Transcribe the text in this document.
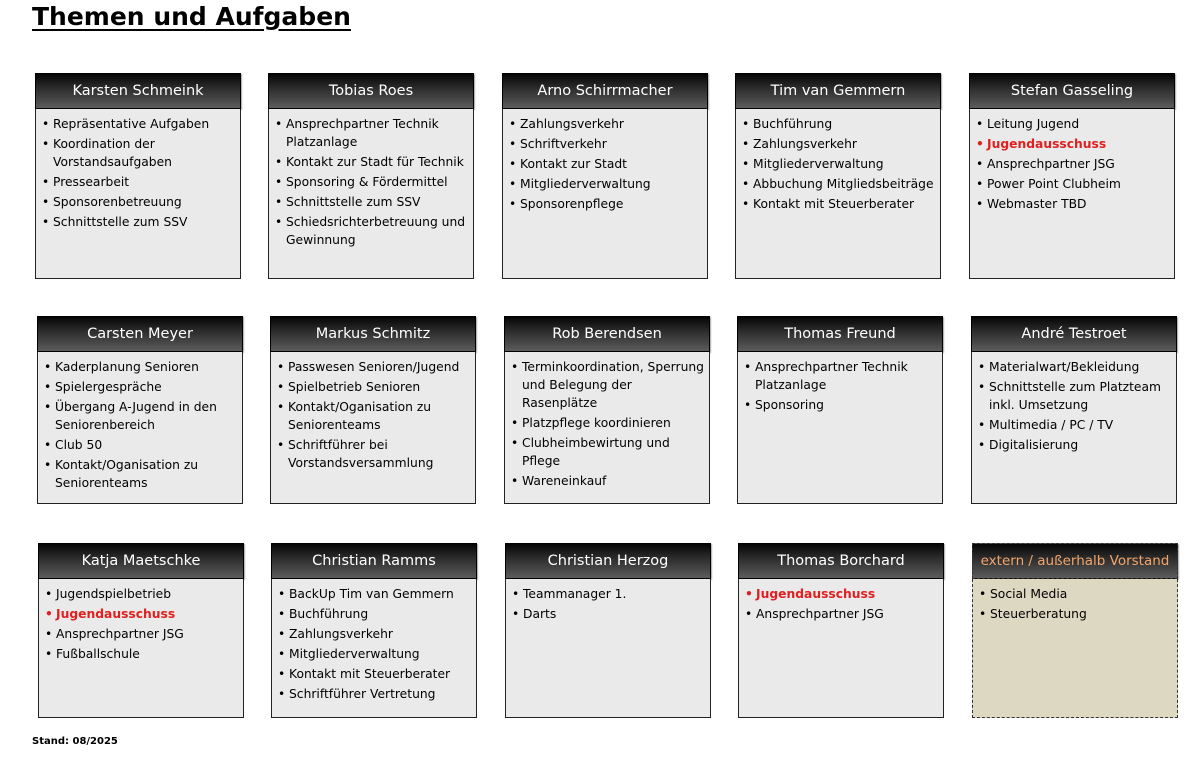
Themen und Aufgaben
Karsten Schmeink
• Repräsentative Aufgaben
• Koordination der Vorstandsaufgaben
• Pressearbeit
• Sponsorenbetreuung
• Schnittstelle zum SSV
Tobias Roes
• Ansprechpartner Technik Platzanlage
• Kontakt zur Stadt für Technik
• Sponsoring & Fördermittel
• Schnittstelle zum SSV
• Schiedsrichterbetreuung und Gewinnung
Arno Schirrmacher
• Zahlungsverkehr
• Schriftverkehr
• Kontakt zur Stadt
• Mitgliederverwaltung
• Sponsorenpflege
Tim van Gemmern
• Buchführung
• Zahlungsverkehr
• Mitgliederverwaltung
• Abbuchung Mitgliedsbeiträge
• Kontakt mit Steuerberater
Stefan Gasseling
• Leitung Jugend
• Jugendausschuss
• Ansprechpartner JSG
• Power Point Clubheim
• Webmaster TBD
Carsten Meyer
• Kaderplanung Senioren
• Spielergespräche
• Übergang A-Jugend in den Seniorenbereich
• Club 50
• Kontakt/Oganisation zu Seniorenteams
Markus Schmitz
• Passwesen Senioren/Jugend
• Spielbetrieb Senioren
• Kontakt/Oganisation zu Seniorenteams
• Schriftführer bei Vorstandsversammlung
Rob Berendsen
• Terminkoordination, Sperrung und Belegung der Rasenplätze
• Platzpflege koordinieren
• Clubheimbewirtung und Pflege
• Wareneinkauf
Thomas Freund
• Ansprechpartner Technik Platzanlage
• Sponsoring
André Testroet
• Materialwart/Bekleidung
• Schnittstelle zum Platzteam inkl. Umsetzung
• Multimedia / PC / TV
• Digitalisierung
Katja Maetschke
• Jugendspielbetrieb
• Jugendausschuss
• Ansprechpartner JSG
• Fußballschule
Christian Ramms
• BackUp Tim van Gemmern
• Buchführung
• Zahlungsverkehr
• Mitgliederverwaltung
• Kontakt mit Steuerberater
• Schriftführer Vertretung
Christian Herzog
• Teammanager 1.
• Darts
Thomas Borchard
• Jugendausschuss
• Ansprechpartner JSG
extern / außerhalb Vorstand
• Social Media
• Steuerberatung
Stand: 08/2025
